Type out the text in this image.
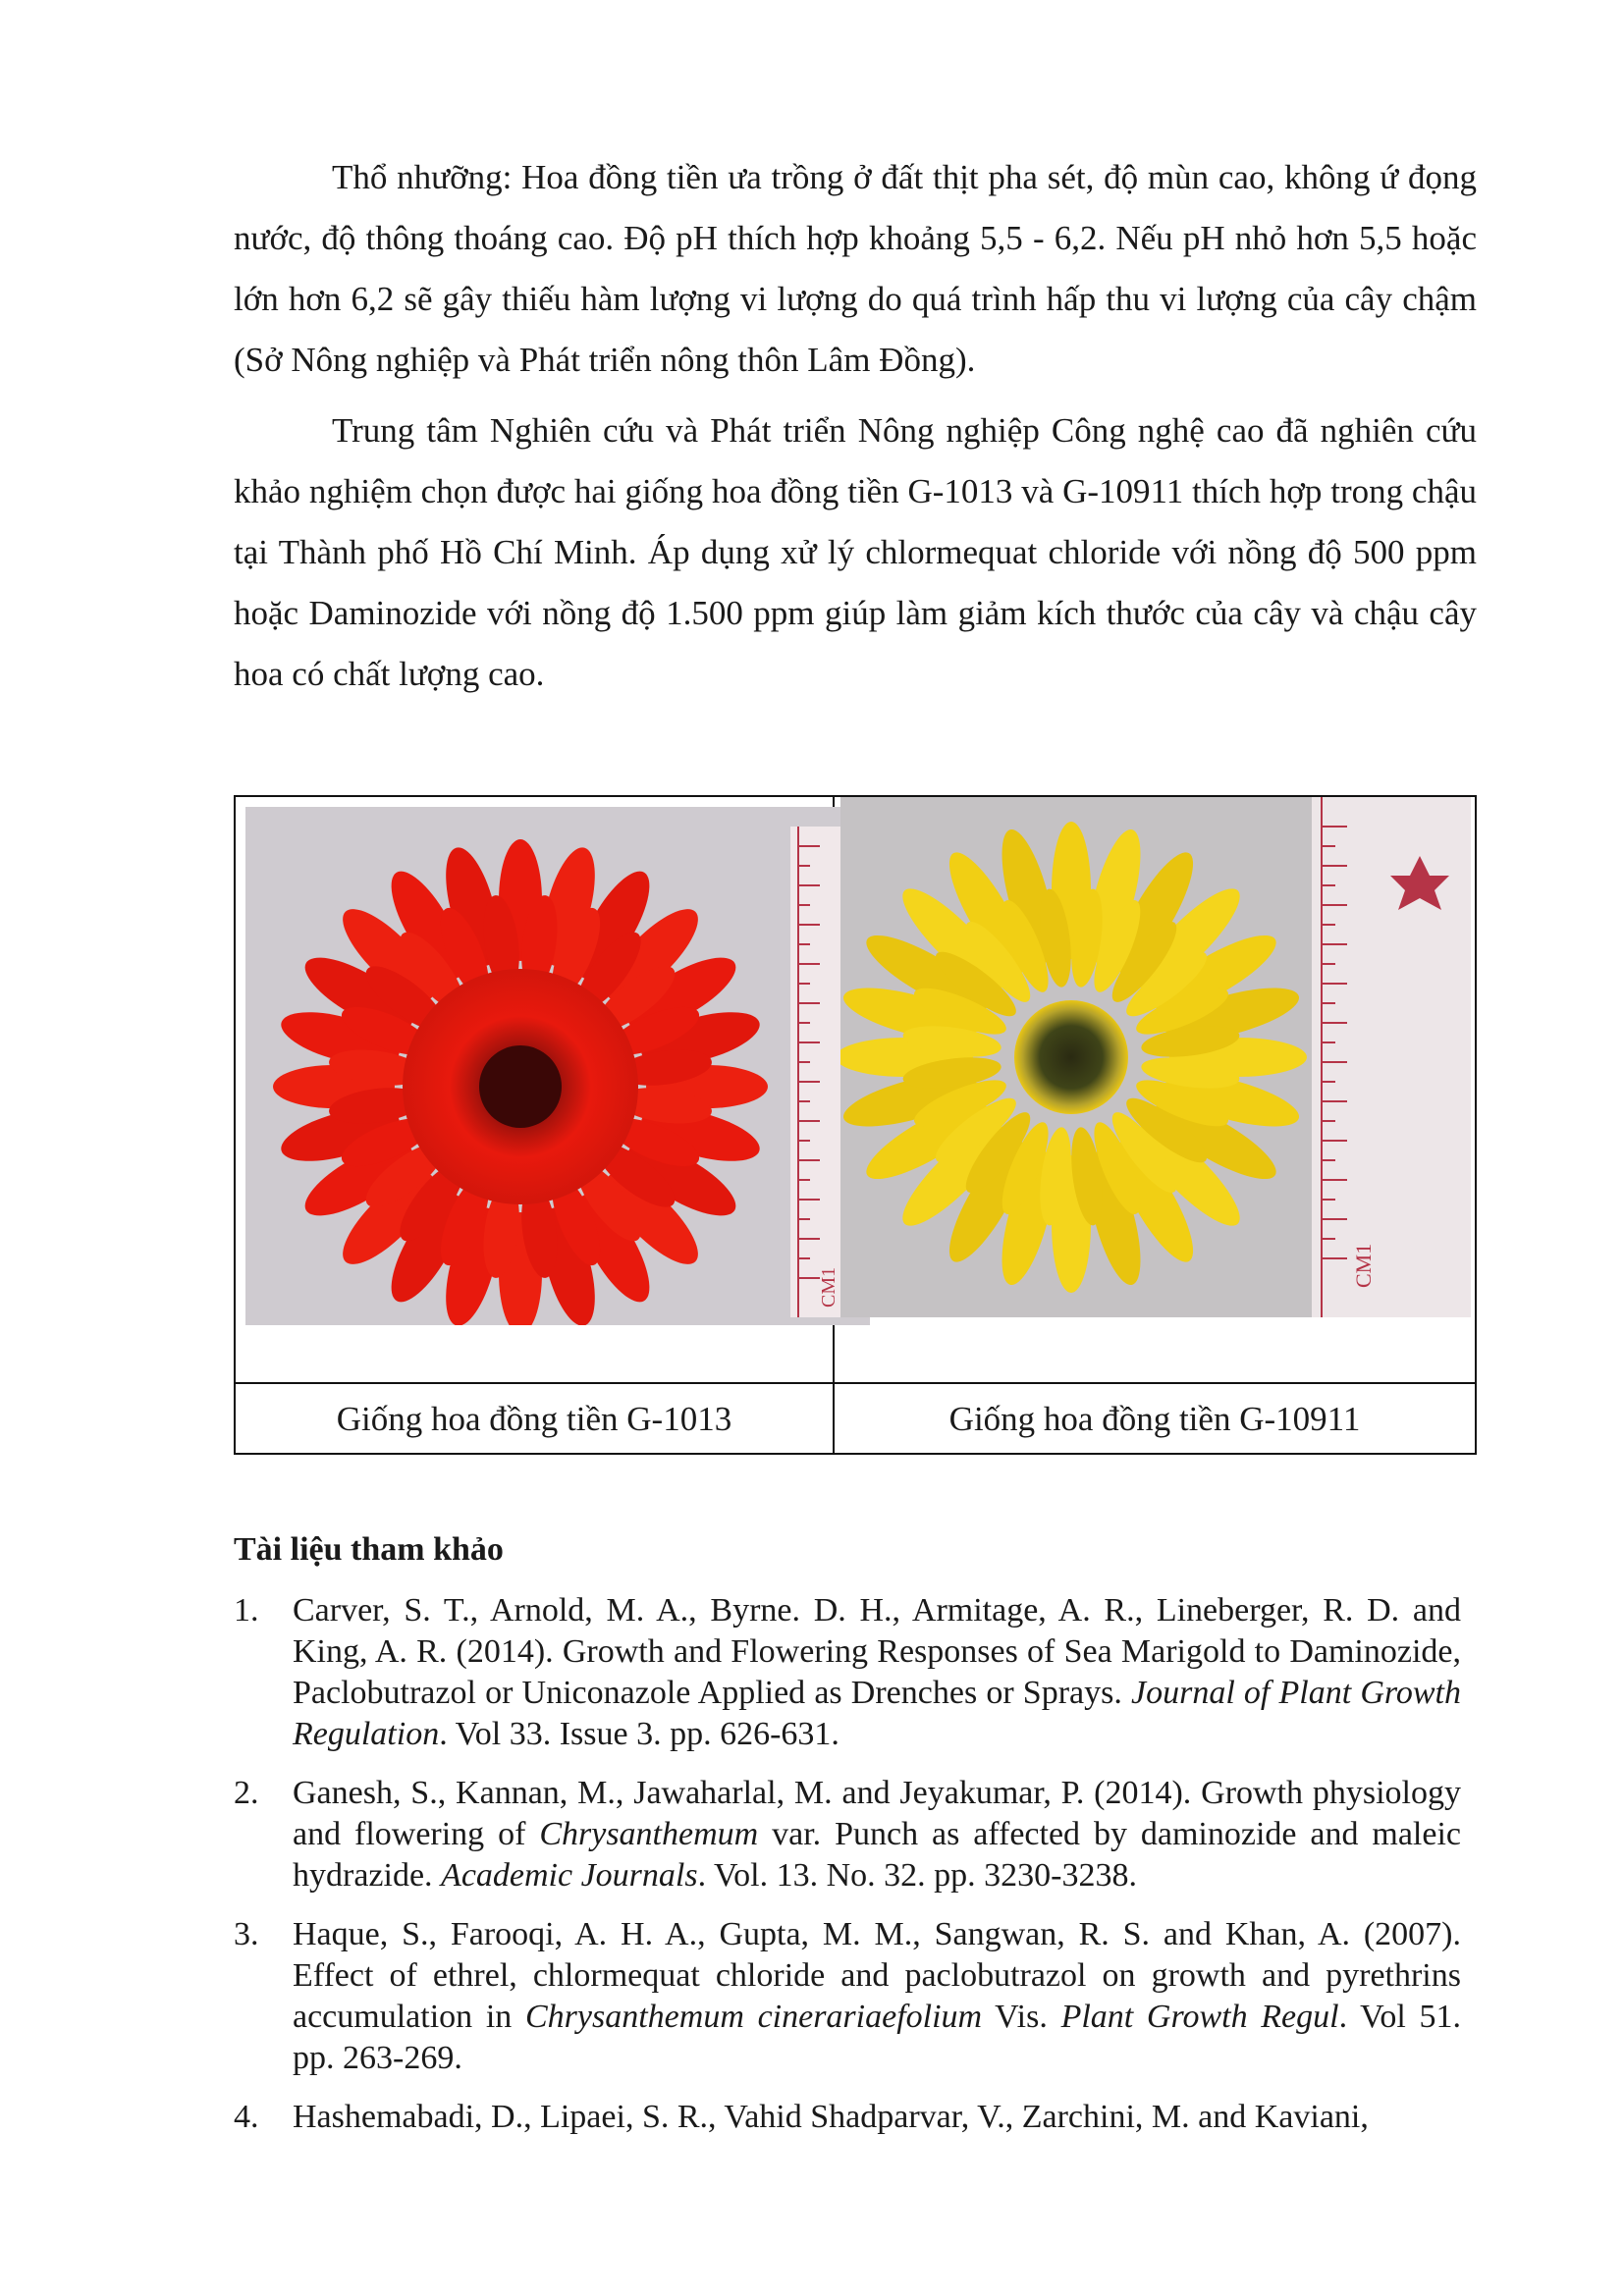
Thổ nhưỡng: Hoa đồng tiền ưa trồng ở đất thịt pha sét, độ mùn cao, không ứ đọng nước, độ thông thoáng cao. Độ pH thích hợp khoảng 5,5 - 6,2. Nếu pH nhỏ hơn 5,5 hoặc lớn hơn 6,2 sẽ gây thiếu hàm lượng vi lượng do quá trình hấp thu vi lượng của cây chậm (Sở Nông nghiệp và Phát triển nông thôn Lâm Đồng).

Trung tâm Nghiên cứu và Phát triển Nông nghiệp Công nghệ cao đã nghiên cứu khảo nghiệm chọn được hai giống hoa đồng tiền G-1013 và G-10911 thích hợp trong chậu tại Thành phố Hồ Chí Minh. Áp dụng xử lý chlormequat chloride với nồng độ 500 ppm hoặc Daminozide với nồng độ 1.500 ppm giúp làm giảm kích thước của cây và chậu cây hoa có chất lượng cao.

CM1	CM1
Giống hoa đồng tiền G-1013	Giống hoa đồng tiền G-10911
Tài liệu tham khảo
1. Carver, S. T., Arnold, M. A., Byrne. D. H., Armitage, A. R., Lineberger, R. D. and King, A. R. (2014). Growth and Flowering Responses of Sea Marigold to Daminozide, Paclobutrazol or Uniconazole Applied as Drenches or Sprays. Journal of Plant Growth Regulation. Vol 33. Issue 3. pp. 626-631.
2. Ganesh, S., Kannan, M., Jawaharlal, M. and Jeyakumar, P. (2014). Growth physiology and flowering of Chrysanthemum var. Punch as affected by daminozide and maleic hydrazide. Academic Journals. Vol. 13. No. 32. pp. 3230-3238.
3. Haque, S., Farooqi, A. H. A., Gupta, M. M., Sangwan, R. S. and Khan, A. (2007). Effect of ethrel, chlormequat chloride and paclobutrazol on growth and pyrethrins accumulation in Chrysanthemum cinerariaefolium Vis. Plant Growth Regul. Vol 51. pp. 263-269.
4. Hashemabadi, D., Lipaei, S. R., Vahid Shadparvar, V., Zarchini, M. and Kaviani,
